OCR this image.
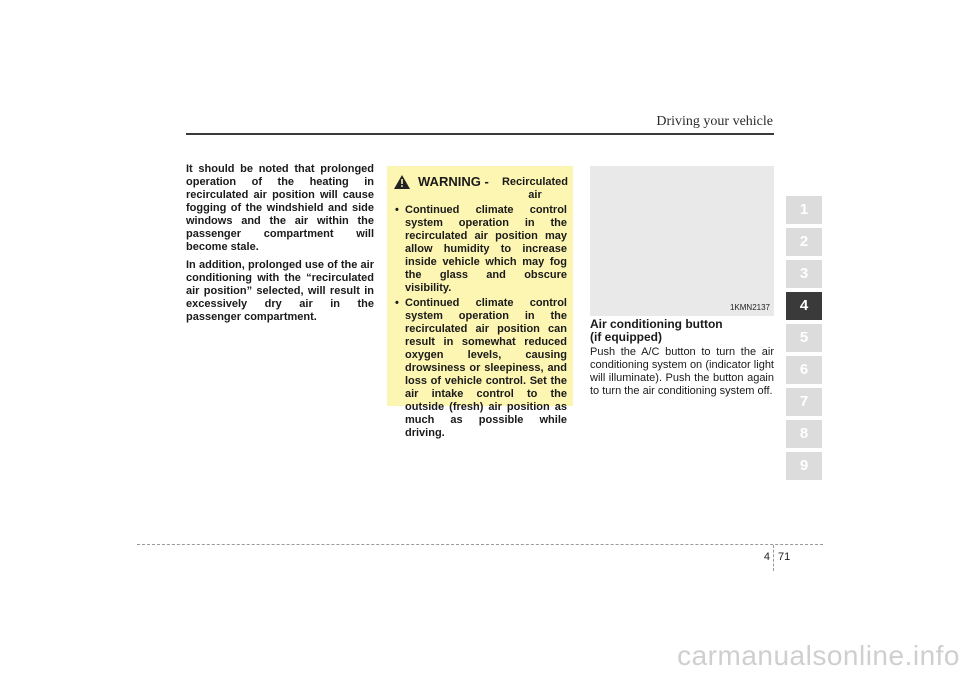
Driving your vehicle

It should be noted that prolonged operation of the heating in recirculated air position will cause fogging of the windshield and side windows and the air within the passenger compartment will become stale.

In addition, prolonged use of the air conditioning with the “recirculated air position” selected, will result in excessively dry air in the passenger compartment.

WARNING - Recirculated air
• Continued climate control system operation in the recirculated air position may allow humidity to increase inside vehicle which may fog the glass and obscure visibility.
• Continued climate control system operation in the recirculated air position can result in somewhat reduced oxygen levels, causing drowsiness or sleepiness, and loss of vehicle control. Set the air intake control to the outside (fresh) air position as much as possible while driving.
1KMN2137
Air conditioning button
(if equipped)
Push the A/C button to turn the air conditioning system on (indicator light will illuminate). Push the button again to turn the air conditioning system off.
1
2
3
4
5
6
7
8
9
4 71
carmanualsonline.info
